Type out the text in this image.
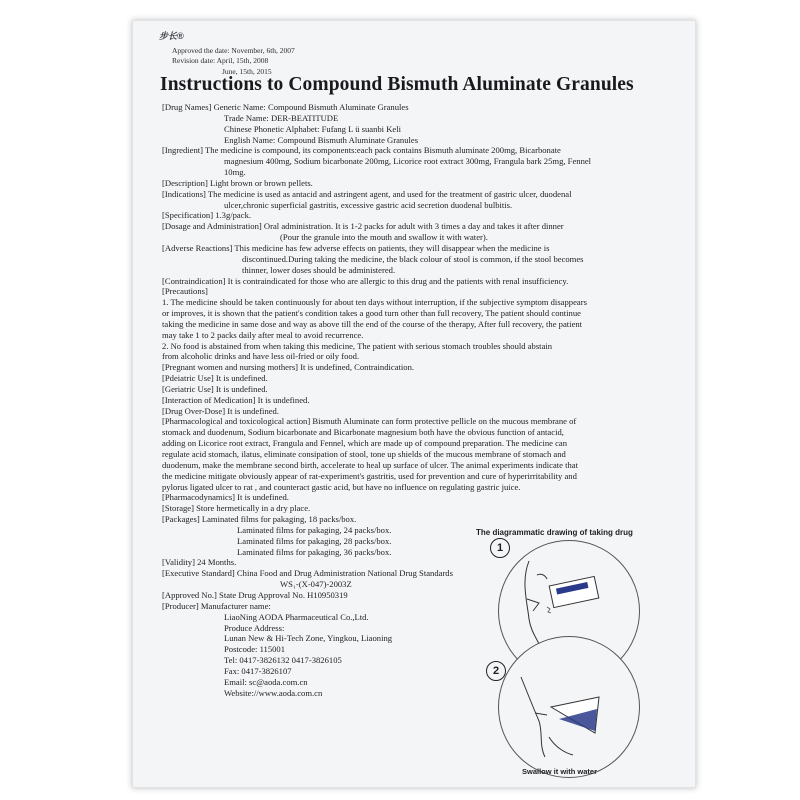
步长®
Approved the date: November, 6th, 2007
Revision date: April, 15th, 2008
June, 15th, 2015
Instructions to Compound Bismuth Aluminate Granules
[Drug Names] Generic Name: Compound Bismuth Aluminate Granules
Trade Name: DER-BEATITUDE
Chinese Phonetic Alphabet: Fufang L ü suanbi Keli
English Name: Compound Bismuth Aluminate Granules
[Ingredient] The medicine is compound, its components:each pack contains Bismuth aluminate 200mg, Bicarbonate
magnesium 400mg, Sodium bicarbonate 200mg, Licorice root extract 300mg, Frangula bark 25mg, Fennel
10mg.
[Description] Light brown or brown pellets.
[Indications] The medicine is used as antacid and astringent agent, and used for the treatment of gastric ulcer, duodenal
ulcer,chronic superficial gastritis, excessive gastric acid secretion duodenal bulbitis.
[Specification] 1.3g/pack.
[Dosage and Administration] Oral administration. It is 1-2 packs for adult with 3 times a day and takes it after dinner
(Pour the granule into the mouth and swallow it with water).
[Adverse Reactions] This medicine has few adverse effects on patients, they will disappear when the medicine is
discontinued.During taking the medicine, the black colour of stool is common, if the stool becomes
thinner, lower doses should be administered.
[Contraindication] It is contraindicated for those who are allergic to this drug and the patients with renal insufficiency.
[Precautions]
1. The medicine should be taken continuously for about ten days without interruption, if the subjective symptom disappears
or improves, it is shown that the patient's condition takes a good turn other than full recovery, The patient should continue
taking the medicine in same dose and way as above till the end of the course of the therapy, After full recovery, the patient
may take 1 to 2 packs daily after meal to avoid recurrence.
2. No food is abstained from when taking this medicine, The patient with serious stomach troubles should abstain
from alcoholic drinks and have less oil-fried or oily food.
[Pregnant women and nursing mothers] It is undefined, Contraindication.
[Pdeiatric Use] It is undefined.
[Geriatric Use] It is undefined.
[Interaction of Medication] It is undefined.
[Drug Over-Dose] It is undefined.
[Pharmacological and toxicological action] Bismuth Aluminate can form protective pellicle on the mucous membrane of
stomack and duodenum, Sodium bicarbonate and Bicarbonate magnesium both have the obvious function of antacid,
adding on Licorice root extract, Frangula and Fennel, which are made up of compound preparation. The medicine can
regulate acid stomach, ilatus, eliminate consipation of stool, tone up shields of the mucous membrane of stomach and
duodenum, make the membrane second birth, accelerate to heal up surface of ulcer. The animal experiments indicate that
the medicine mitigate obviously appear of rat-experiment's gastritis, used for prevention and cure of hyperirritability and
pylorus ligated ulcer to rat , and counteract gastic acid, but have no influence on regulating gastric juice.
[Pharmacodynamics] It is undefined.
[Storage] Store hermetically in a dry place.
[Packages] Laminated films for pakaging, 18 packs/box.
Laminated films for pakaging, 24 packs/box.
Laminated films for pakaging, 28 packs/box.
Laminated films for pakaging, 36 packs/box.
[Validity] 24 Months.
[Executive Standard] China Food and Drug Administration National Drug Standards
WS₁-(X-047)-2003Z
[Approved No.] State Drug Approval No. H10950319
[Producer] Manufacturer name:
LiaoNing AODA Pharmaceutical Co.,Ltd.
Produce Address:
Lunan New & Hi-Tech Zone, Yingkou, Liaoning
Postcode: 115001
Tel: 0417-3826132 0417-3826105
Fax: 0417-3826107
Email: sc@aoda.com.cn
Website://www.aoda.com.cn
The diagrammatic drawing of taking drug
1
2
Swallow it with water
